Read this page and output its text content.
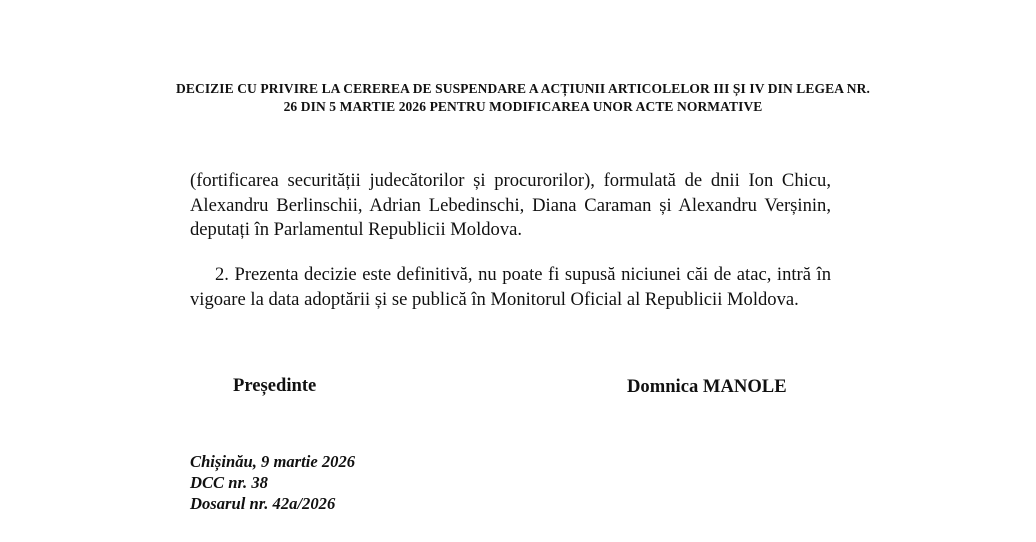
DECIZIE CU PRIVIRE LA CEREREA DE SUSPENDARE A ACȚIUNII ARTICOLELOR III ȘI IV DIN LEGEA NR. 26 DIN 5 MARTIE 2026 PENTRU MODIFICAREA UNOR ACTE NORMATIVE
(fortificarea securității judecătorilor și procurorilor), formulată de dnii Ion Chicu, Alexandru Berlinschii, Adrian Lebedinschi, Diana Caraman și Alexandru Verșinin, deputați în Parlamentul Republicii Moldova.
2. Prezenta decizie este definitivă, nu poate fi supusă niciunei căi de atac, intră în vigoare la data adoptării și se publică în Monitorul Oficial al Republicii Moldova.
Președinte	Domnica MANOLE
Chișinău, 9 martie 2026
DCC nr. 38
Dosarul nr. 42a/2026
